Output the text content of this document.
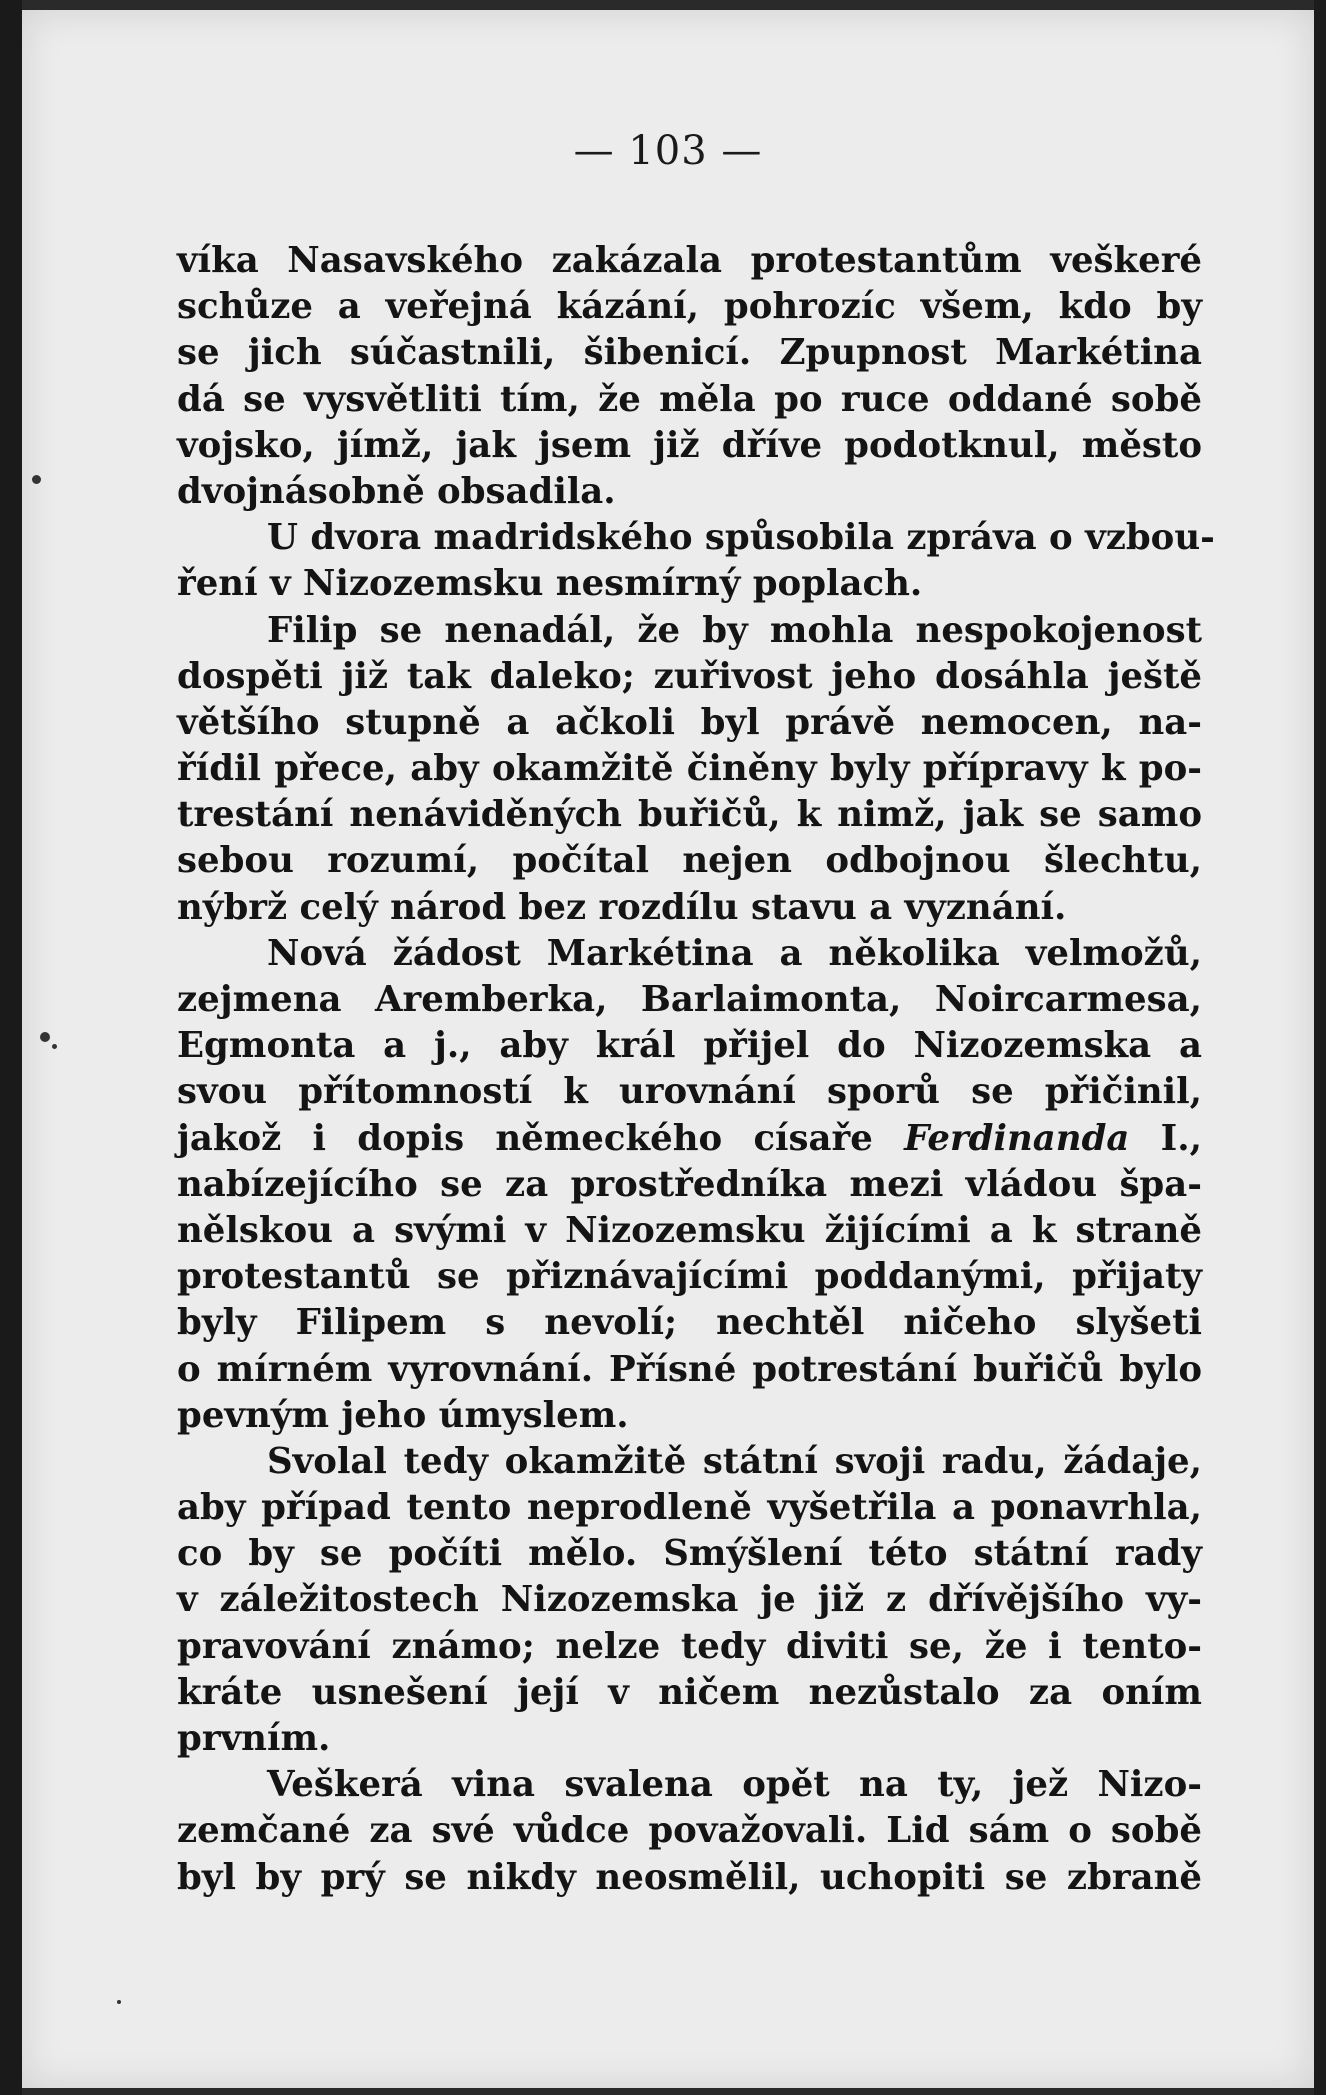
— 103 —
víka Nasavského zakázala protestantům veškeré
schůze a veřejná kázání, pohrozíc všem, kdo by
se jich súčastnili, šibenicí. Zpupnost Markétina
dá se vysvětliti tím, že měla po ruce oddané sobě
vojsko, jímž, jak jsem již dříve podotknul, město
dvojnásobně obsadila.
U dvora madridského spůsobila zpráva o vzbou-
ření v Nizozemsku nesmírný poplach.
Filip se nenadál, že by mohla nespokojenost
dospěti již tak daleko; zuřivost jeho dosáhla ještě
většího stupně a ačkoli byl právě nemocen, na-
řídil přece, aby okamžitě činěny byly přípravy k po-
trestání nenáviděných buřičů, k nimž, jak se samo
sebou rozumí, počítal nejen odbojnou šlechtu,
nýbrž celý národ bez rozdílu stavu a vyznání.
Nová žádost Markétina a několika velmožů,
zejmena Aremberka, Barlaimonta, Noircarmesa,
Egmonta a j., aby král přijel do Nizozemska a
svou přítomností k urovnání sporů se přičinil,
jakož i dopis německého císaře Ferdinanda I.,
nabízejícího se za prostředníka mezi vládou špa-
nělskou a svými v Nizozemsku žijícími a k straně
protestantů se přiznávajícími poddanými, přijaty
byly Filipem s nevolí; nechtěl ničeho slyšeti
o mírném vyrovnání. Přísné potrestání buřičů bylo
pevným jeho úmyslem.
Svolal tedy okamžitě státní svoji radu, žádaje,
aby případ tento neprodleně vyšetřila a ponavrhla,
co by se počíti mělo. Smýšlení této státní rady
v záležitostech Nizozemska je již z dřívějšího vy-
pravování známo; nelze tedy diviti se, že i tento-
kráte usnešení její v ničem nezůstalo za oním
prvním.
Veškerá vina svalena opět na ty, jež Nizo-
zemčané za své vůdce považovali. Lid sám o sobě
byl by prý se nikdy neosmělil, uchopiti se zbraně
